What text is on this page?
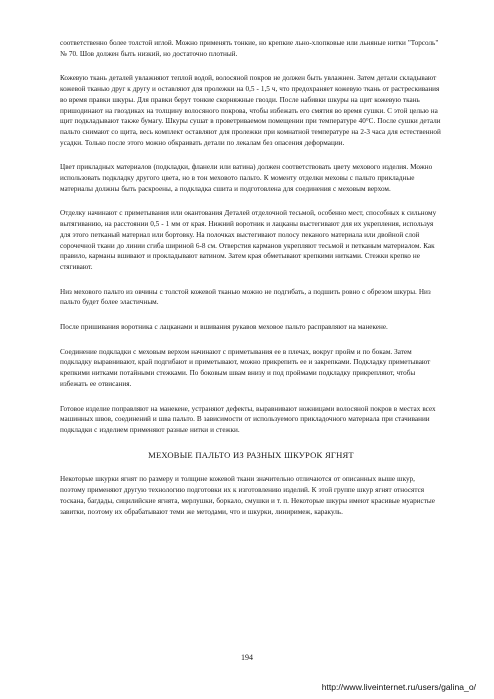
соответственно более толстой иглой. Можно применять тонкие, но крепкие льно-хлопковые или льняные нитки "Торсоль" № 70. Шов должен быть низкий, но достаточно плотный.

Кожевую ткань деталей увлажняют теплой водой, волосяной покров не должен быть увлажнен. Затем детали складывают кожевой тканью друг к другу и оставляют для пролежки на 0,5 - 1,5 ч, что предохраняет кожевую ткань от растрескивания во время правки шкуры. Для правки берут тонкие скорняжные гвозди. После набивки шкуры на щит кожевую ткань пришодинают на гвоздиках на толщину волосяного покрова, чтобы избежать его смятия во время сушки. С этой целью на щит подкладывают также бумагу. Шкуры сушат в проветриваемом помещении при температуре 40°С. После сушки детали пальто снимают со щита, весь комплект оставляют для пролежки при комнатной температуре на 2-3 часа для естественной усадки. Только после этого можно обкраивать детали по лекалам без опасения деформации.

Цвет прикладных материалов (подкладки, фланели или ватина) должен соответствовать цвету мехового изделия. Можно использовать подкладку другого цвета, но в тон меховото пальто. К моменту отделки меховы с пальто прикладные материалы должны быть раскроены, а подкладка сшита и подготовлена для соединения с меховым верхом.

Отделку начинают с приметывания или окантования Деталей отделочной тесьмой, особенно мест, способных к сильному вытягиванию, на расстоянии 0,5 - 1 мм от края. Нижний воротник и лацканы выстегивают для их укрепления, используя для этого петканый материал или бортовку. На полочках выстегивают полосу пеканого материала или двойной слой сорочечной ткани до линии сгиба шириной 6-8 см. Отверстия карманов укрепляют тесьмой и петканым материалом. Как правило, карманы вшивают и прокладывают ватином. Затем края обметывают крепкими нитками. Стежки крепко не стягивают.

Низ мехового пальто из овчины с толстой кожевой тканью можно не подгибать, а подшить ровно с обрезом шкуры. Низ пальто будет более эластичным.

После пришивания воротника с лацканами и вшивания рукавов меховое пальто расправляют на манекене.

Соединение подкладки с меховым верхом начинают с приметывания ее в плечах, вокруг пройм и по бокам. Затем подкладку выравнивают, край подгибают и приметывают, можно прикрепить ее и закрепками. Подкладку приметывают крепкими нитками потайными стежками. По боковым швам внизу и под проймами подкладку прикрепляют, чтобы избежать ее отвисания.

Готовое изделие поправляют на манекене, устраняют дефекты, выравнивают ножницами волосяной покров в местах всех машинных швов, соединений и шва пальто. В зависимости от используемого прикладочного материала при стачивании подкладки с изделием применяют разные нитки и стежки.

МЕХОВЫЕ ПАЛЬТО ИЗ РАЗНЫХ ШКУРОК ЯГНЯТ

Некоторые шкурки ягнят по размеру и толщине кожевой ткани значительно отличаются от описанных выше шкур, поэтому применяют другую технологию подготовки их к изготовлению изделий. К этой группе шкур ягнят относятся тоскана, багдады, сицилийские ягнята, мерлушки, боркало, смушки и т. п. Некоторые шкуры имеют красивые муаристые завитки, поэтому их обрабатывают теми же методами, что и шкурки, линиримеж, каракуль.

194
http://www.liveinternet.ru/users/galina_o/
